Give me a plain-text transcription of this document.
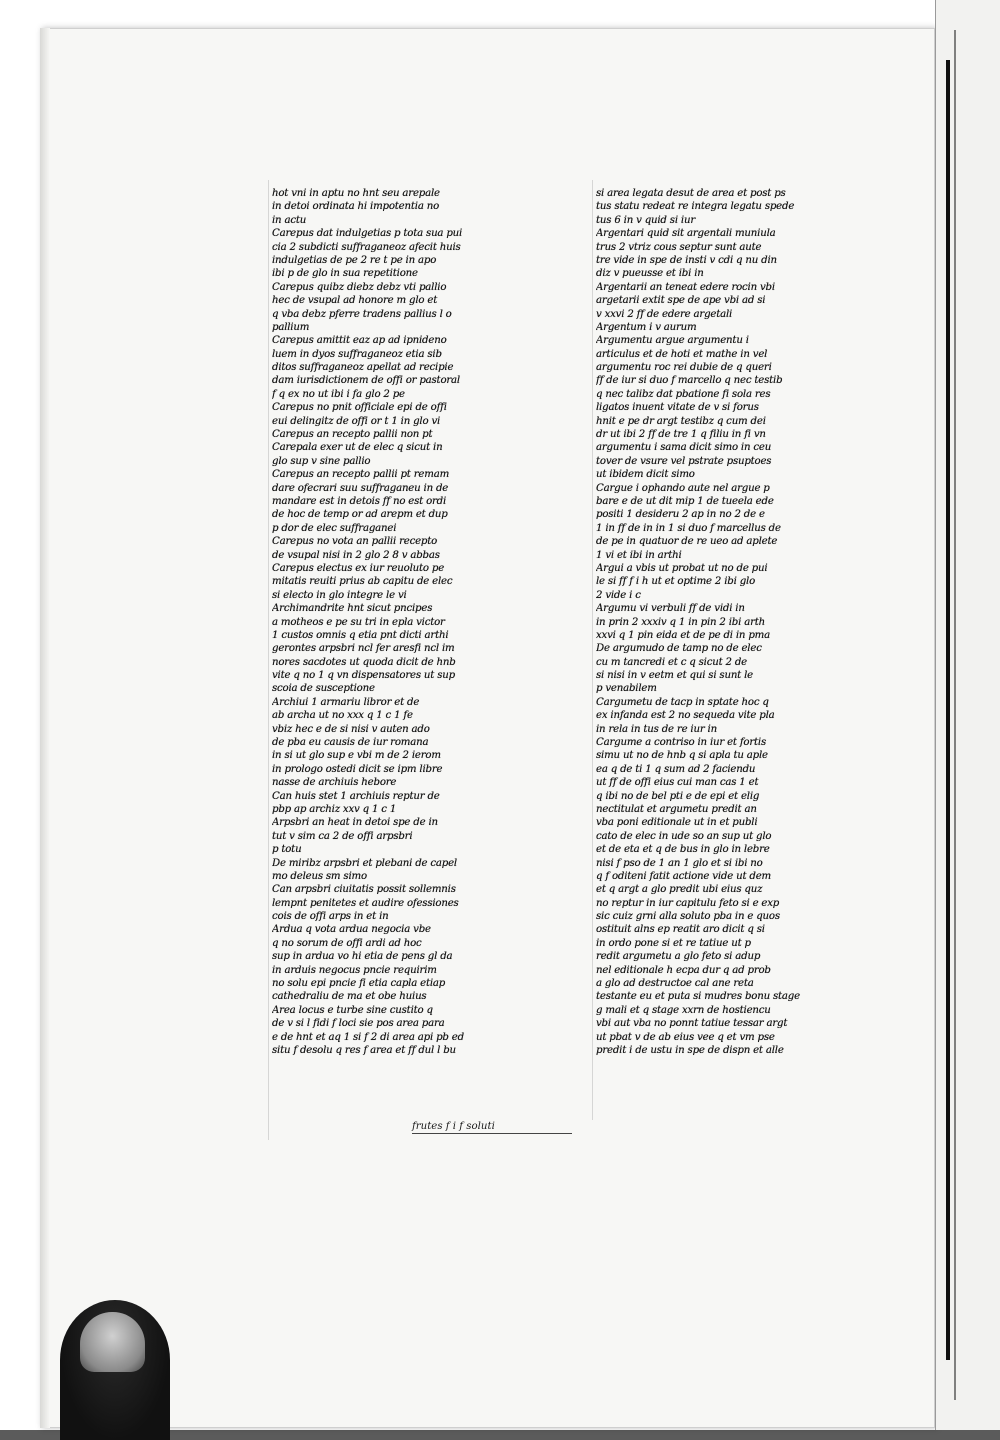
hot vni in aptu no hnt seu arepale
in detoi ordinata hi impotentia no
in actu
Carepus dat indulgetias p tota sua pui
cia 2 subdicti suffraganeoz afecit huis
indulgetias de pe 2 re t pe in apo
ibi p de glo in sua repetitione
Carepus quibz diebz debz vti pallio
hec de vsupal ad honore m glo et
q vba debz pferre tradens pallius l o
pallium
Carepus amittit eaz ap ad ipnideno
luem in dyos suffraganeoz etia sib
ditos suffraganeoz apellat ad recipie
dam iurisdictionem de offi or pastoral
f q ex no ut ibi i fa glo 2 pe
Carepus no pnit officiale epi de offi
eui delingitz de offi or t 1 in glo vi
Carepus an recepto pallii non pt
Carepala exer ut de elec q sicut in
glo sup v sine pallio
Carepus an recepto pallii pt remam
dare ofecrari suu suffraganeu in de
mandare est in detois ff no est ordi
de hoc de temp or ad arepm et dup
p dor de elec suffraganei
Carepus no vota an pallii recepto
de vsupal nisi in 2 glo 2 8 v abbas
Carepus electus ex iur reuoluto pe
mitatis reuiti prius ab capitu de elec
si electo in glo integre le vi
Archimandrite hnt sicut pncipes
a motheos e pe su tri in epla victor
1 custos omnis q etia pnt dicti arthi
gerontes arpsbri ncl fer aresfi ncl im
nores sacdotes ut quoda dicit de hnb
vite q no 1 q vn dispensatores ut sup
scoia de susceptione
Archiui 1 armariu libror et de
ab archa ut no xxx q 1 c 1 fe
vbiz hec e de si nisi v auten ado
de pba eu causis de iur romana
in si ut glo sup e vbi m de 2 ierom
in prologo ostedi dicit se ipm libre
nasse de archiuis hebore
Can huis stet 1 archiuis reptur de
pbp ap archiz xxv q 1 c 1
Arpsbri an heat in detoi spe de in
tut v sim ca 2 de offi arpsbri
p totu
De miribz arpsbri et plebani de capel
mo deleus sm simo
Can arpsbri ciuitatis possit sollemnis
lempnt penitetes et audire ofessiones
cois de offi arps in et in
Ardua q vota ardua negocia vbe
q no sorum de offi ardi ad hoc
sup in ardua vo hi etia de pens gl da
in arduis negocus pncie requirim
no solu epi pncie fi etia capla etiap
cathedraliu de ma et obe huius
Area locus e turbe sine custito q
de v si l fidi f loci sie pos area para
e de hnt et aq 1 si f 2 di area api pb ed
situ f desolu q res f area et ff dul l bu
si area legata desut de area et post ps
tus statu redeat re integra legatu spede
tus 6 in v quid si iur
Argentari quid sit argentali muniula
trus 2 vtriz cous septur sunt aute
tre vide in spe de insti v cdi q nu din
diz v pueusse et ibi in
Argentarii an teneat edere rocin vbi
argetarii extit spe de ape vbi ad si
v xxvi 2 ff de edere argetali
Argentum i v aurum
Argumentu argue argumentu i
articulus et de hoti et mathe in vel
argumentu roc rei dubie de q queri
ff de iur si duo f marcello q nec testib
q nec talibz dat pbatione fi sola res
ligatos inuent vitate de v si forus
hnit e pe dr argt testibz q cum dei
dr ut ibi 2 ff de tre 1 q filiu in fi vn
argumentu i sama dicit simo in ceu
tover de vsure vel pstrate psuptoes
ut ibidem dicit simo
Cargue i ophando aute nel argue p
bare e de ut dit mip 1 de tueela ede
positi 1 desideru 2 ap in no 2 de e
1 in ff de in in 1 si duo f marcellus de
de pe in quatuor de re ueo ad aplete
1 vi et ibi in arthi
Argui a vbis ut probat ut no de pui
le si ff f i h ut et optime 2 ibi glo
2 vide i c
Argumu vi verbuli ff de vidi in
in prin 2 xxxiv q 1 in pin 2 ibi arth
xxvi q 1 pin eida et de pe di in pma
De argumudo de tamp no de elec
cu m tancredi et c q sicut 2 de
si nisi in v eetm et qui si sunt le
p venabilem
Cargumetu de tacp in sptate hoc q
ex infanda est 2 no sequeda vite pla
in rela in tus de re iur in
Cargume a contriso in iur et fortis
simu ut no de hnb q si apla tu aple
ea q de ti 1 q sum ad 2 faciendu
ut ff de offi eius cui man cas 1 et
q ibi no de bel pti e de epi et elig
nectitulat et argumetu predit an
vba poni editionale ut in et publi
cato de elec in ude so an sup ut glo
et de eta et q de bus in glo in lebre
nisi f pso de 1 an 1 glo et si ibi no
q f oditeni fatit actione vide ut dem
et q argt a glo predit ubi eius quz
no reptur in iur capitulu feto si e exp
sic cuiz grni alla soluto pba in e quos
ostituit alns ep reatit aro dicit q si
in ordo pone si et re tatiue ut p
redit argumetu a glo feto si adup
nel editionale h ecpa dur q ad prob
a glo ad destructoe cal ane reta
testante eu et puta si mudres bonu stage
g mali et q stage xxrn de hostiencu
vbi aut vba no ponnt tatiue tessar argt
ut pbat v de ab eius vee q et vm pse
predit i de ustu in spe de dispn et alle
frutes f i f soluti
